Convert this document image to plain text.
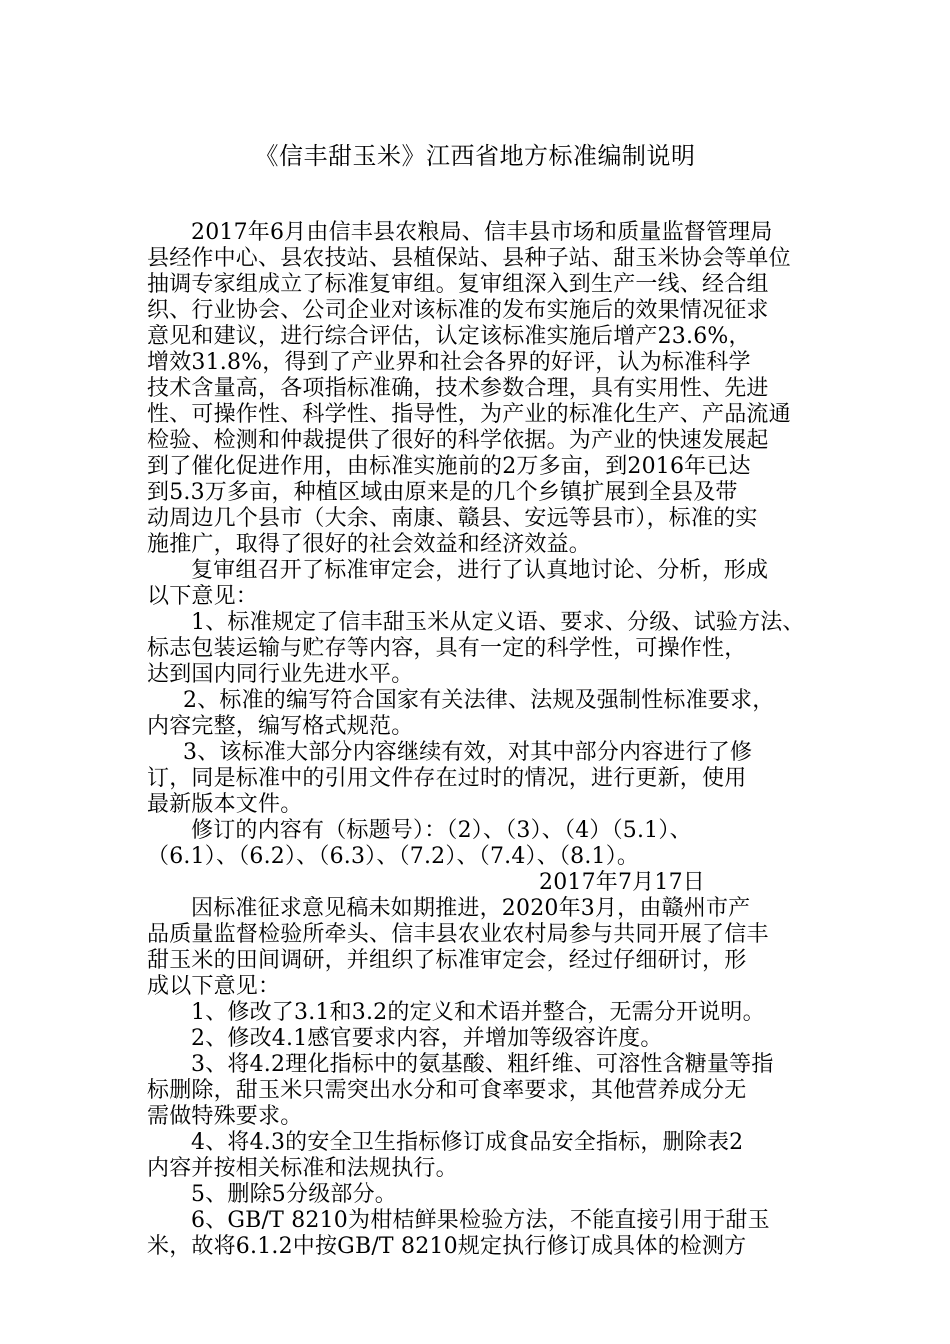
《信丰甜玉米》江西省地方标准编制说明
2017年6月由信丰县农粮局、信丰县市场和质量监督管理局
县经作中心、县农技站、县植保站、县种子站、甜玉米协会等单位
抽调专家组成立了标准复审组。复审组深入到生产一线、经合组
织、行业协会、公司企业对该标准的发布实施后的效果情况征求
意见和建议，进行综合评估，认定该标准实施后增产23.6%，
增效31.8%，得到了产业界和社会各界的好评，认为标准科学
技术含量高，各项指标准确，技术参数合理，具有实用性、先进
性、可操作性、科学性、指导性，为产业的标准化生产、产品流通
检验、检测和仲裁提供了很好的科学依据。为产业的快速发展起
到了催化促进作用，由标准实施前的2万多亩，到2016年已达
到5.3万多亩，种植区域由原来是的几个乡镇扩展到全县及带
动周边几个县市（大余、南康、赣县、安远等县市），标准的实
施推广，取得了很好的社会效益和经济效益。
复审组召开了标准审定会，进行了认真地讨论、分析，形成
以下意见：
1、标准规定了信丰甜玉米从定义语、要求、分级、试验方法、
标志包装运输与贮存等内容，具有一定的科学性，可操作性，
达到国内同行业先进水平。
2、标准的编写符合国家有关法律、法规及强制性标准要求，
内容完整，编写格式规范。
3、该标准大部分内容继续有效，对其中部分内容进行了修
订，同是标准中的引用文件存在过时的情况，进行更新，使用
最新版本文件。
修订的内容有（标题号）：（2）、（3）、（4）（5.1）、
（6.1）、（6.2）、（6.3）、（7.2）、（7.4）、（8.1）。
2017年7月17日
因标准征求意见稿未如期推进，2020年3月，由赣州市产
品质量监督检验所牵头、信丰县农业农村局参与共同开展了信丰
甜玉米的田间调研，并组织了标准审定会，经过仔细研讨，形
成以下意见：
1、修改了3.1和3.2的定义和术语并整合，无需分开说明。
2、修改4.1感官要求内容，并增加等级容许度。
3、将4.2理化指标中的氨基酸、粗纤维、可溶性含糖量等指
标删除，甜玉米只需突出水分和可食率要求，其他营养成分无
需做特殊要求。
4、将4.3的安全卫生指标修订成食品安全指标，删除表2
内容并按相关标准和法规执行。
5、删除5分级部分。
6、GB/T 8210为柑桔鲜果检验方法，不能直接引用于甜玉
米，故将6.1.2中按GB/T 8210规定执行修订成具体的检测方
